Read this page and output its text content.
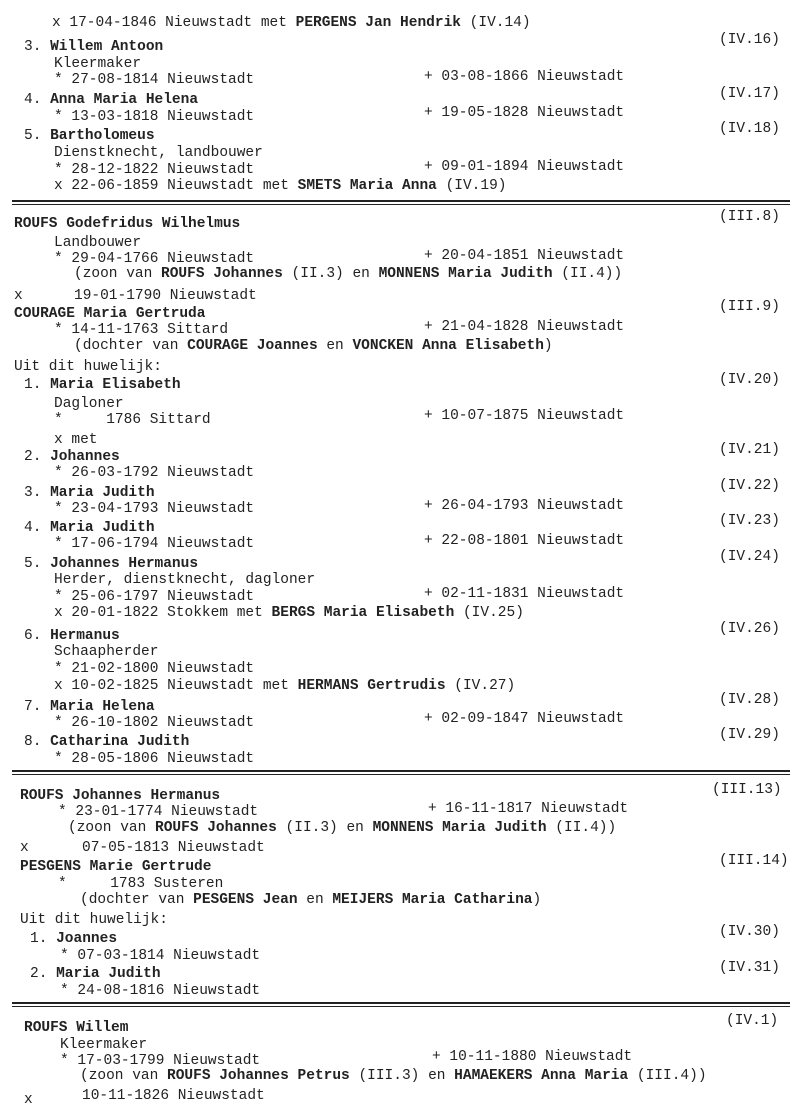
x 17-04-1846 Nieuwstadt met PERGENS Jan Hendrik (IV.14)
(IV.16)
3. Willem Antoon
Kleermaker
* 27-08-1814 Nieuwstadt	+ 03-08-1866 Nieuwstadt
(IV.17)
4. Anna Maria Helena
* 13-03-1818 Nieuwstadt	+ 19-05-1828 Nieuwstadt
(IV.18)
5. Bartholomeus
Dienstknecht, landbouwer
* 28-12-1822 Nieuwstadt	+ 09-01-1894 Nieuwstadt
x 22-06-1859 Nieuwstadt met SMETS Maria Anna (IV.19)
(III.8)
ROUFS Godefridus Wilhelmus
Landbouwer
* 29-04-1766 Nieuwstadt	+ 20-04-1851 Nieuwstadt
(zoon van ROUFS Johannes (II.3) en MONNENS Maria Judith (II.4))
x	19-01-1790 Nieuwstadt
(III.9)
COURAGE Maria Gertruda
* 14-11-1763 Sittard	+ 21-04-1828 Nieuwstadt
(dochter van COURAGE Joannes en VONCKEN Anna Elisabeth)
Uit dit huwelijk:
(IV.20)
1. Maria Elisabeth
Dagloner
*     1786 Sittard	+ 10-07-1875 Nieuwstadt
x met
(IV.21)
2. Johannes
* 26-03-1792 Nieuwstadt
(IV.22)
3. Maria Judith
* 23-04-1793 Nieuwstadt	+ 26-04-1793 Nieuwstadt
(IV.23)
4. Maria Judith
* 17-06-1794 Nieuwstadt	+ 22-08-1801 Nieuwstadt
(IV.24)
5. Johannes Hermanus
Herder, dienstknecht, dagloner
* 25-06-1797 Nieuwstadt	+ 02-11-1831 Nieuwstadt
x 20-01-1822 Stokkem met BERGS Maria Elisabeth (IV.25)
(IV.26)
6. Hermanus
Schaapherder
* 21-02-1800 Nieuwstadt
x 10-02-1825 Nieuwstadt met HERMANS Gertrudis (IV.27)
(IV.28)
7. Maria Helena
* 26-10-1802 Nieuwstadt	+ 02-09-1847 Nieuwstadt
(IV.29)
8. Catharina Judith
* 28-05-1806 Nieuwstadt
(III.13)
ROUFS Johannes Hermanus
* 23-01-1774 Nieuwstadt	+ 16-11-1817 Nieuwstadt
(zoon van ROUFS Johannes (II.3) en MONNENS Maria Judith (II.4))
x	07-05-1813 Nieuwstadt
(III.14)
PESGENS Marie Gertrude
*     1783 Susteren
(dochter van PESGENS Jean en MEIJERS Maria Catharina)
Uit dit huwelijk:
(IV.30)
1. Joannes
* 07-03-1814 Nieuwstadt
(IV.31)
2. Maria Judith
* 24-08-1816 Nieuwstadt
(IV.1)
ROUFS Willem
Kleermaker
* 17-03-1799 Nieuwstadt	+ 10-11-1880 Nieuwstadt
(zoon van ROUFS Johannes Petrus (III.3) en HAMAEKERS Anna Maria (III.4))
x	10-11-1826 Nieuwstadt
